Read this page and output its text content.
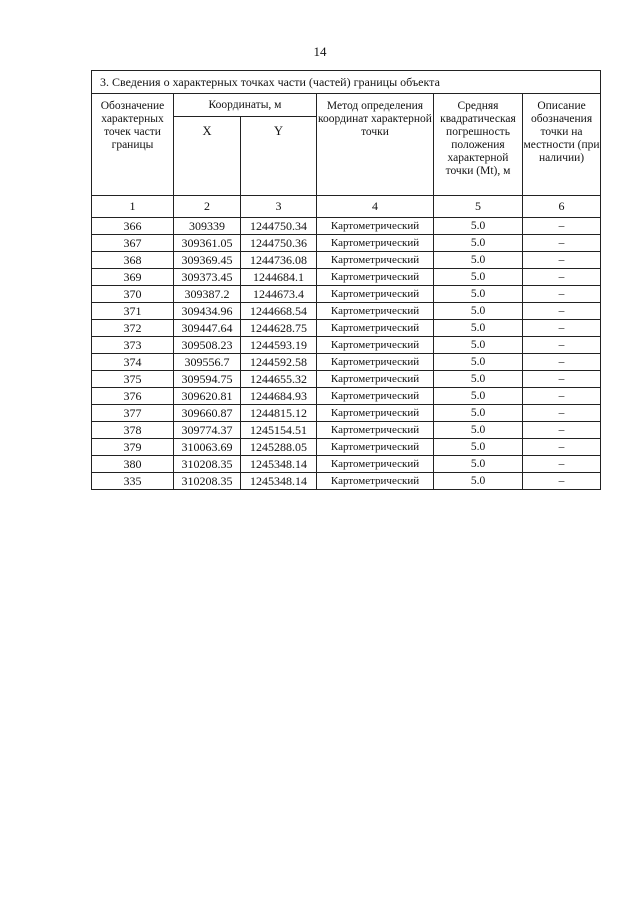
14
3. Сведения о характерных точках части (частей) границы объекта					
Обозначение характерных точек части границы	Координаты, м		Метод определения координат характерной точки	Средняя квадратическая погрешность положения характерной точки (Mt), м	Описание обозначения точки на местности (при наличии)
	X	Y			
1	2	3	4	5	6
366	309339	1244750.34	Картометрический	5.0	–
367	309361.05	1244750.36	Картометрический	5.0	–
368	309369.45	1244736.08	Картометрический	5.0	–
369	309373.45	1244684.1	Картометрический	5.0	–
370	309387.2	1244673.4	Картометрический	5.0	–
371	309434.96	1244668.54	Картометрический	5.0	–
372	309447.64	1244628.75	Картометрический	5.0	–
373	309508.23	1244593.19	Картометрический	5.0	–
374	309556.7	1244592.58	Картометрический	5.0	–
375	309594.75	1244655.32	Картометрический	5.0	–
376	309620.81	1244684.93	Картометрический	5.0	–
377	309660.87	1244815.12	Картометрический	5.0	–
378	309774.37	1245154.51	Картометрический	5.0	–
379	310063.69	1245288.05	Картометрический	5.0	–
380	310208.35	1245348.14	Картометрический	5.0	–
335	310208.35	1245348.14	Картометрический	5.0	–
